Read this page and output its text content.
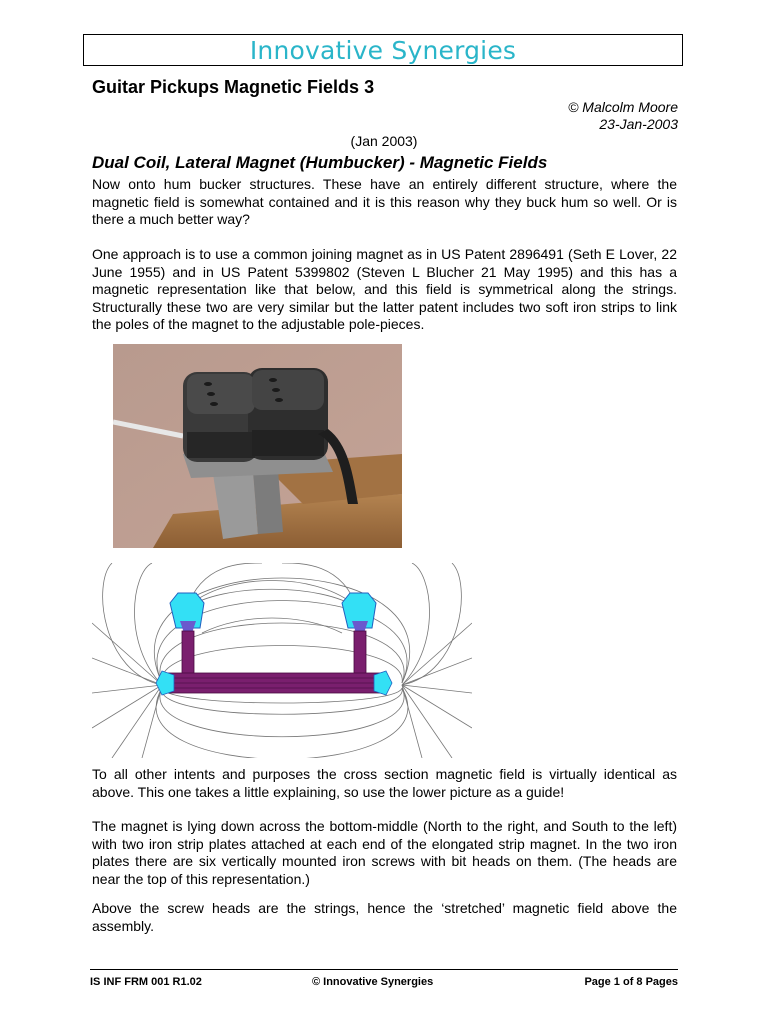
Innovative Synergies
Guitar Pickups Magnetic Fields 3
© Malcolm Moore
23-Jan-2003
(Jan 2003)
Dual Coil, Lateral Magnet (Humbucker) - Magnetic Fields

Now onto hum bucker structures. These have an entirely different structure, where the magnetic field is somewhat contained and it is this reason why they buck hum so well. Or is there a much better way?

One approach is to use a common joining magnet as in US Patent 2896491 (Seth E Lover, 22 June 1955) and in US Patent 5399802 (Steven L Blucher 21 May 1995) and this has a magnetic representation like that below, and this field is symmetrical along the strings. Structurally these two are very similar but the latter patent includes two soft iron strips to link the poles of the magnet to the adjustable pole-pieces.

To all other intents and purposes the cross section magnetic field is virtually identical as above. This one takes a little explaining, so use the lower picture as a guide!

The magnet is lying down across the bottom-middle (North to the right, and South to the left) with two iron strip plates attached at each end of the elongated strip magnet. In the two iron plates there are six vertically mounted iron screws with bit heads on them. (The heads are near the top of this representation.)

Above the screw heads are the strings, hence the ‘stretched’ magnetic field above the assembly.

IS INF FRM 001 R1.02	© Innovative Synergies	Page 1 of 8 Pages
